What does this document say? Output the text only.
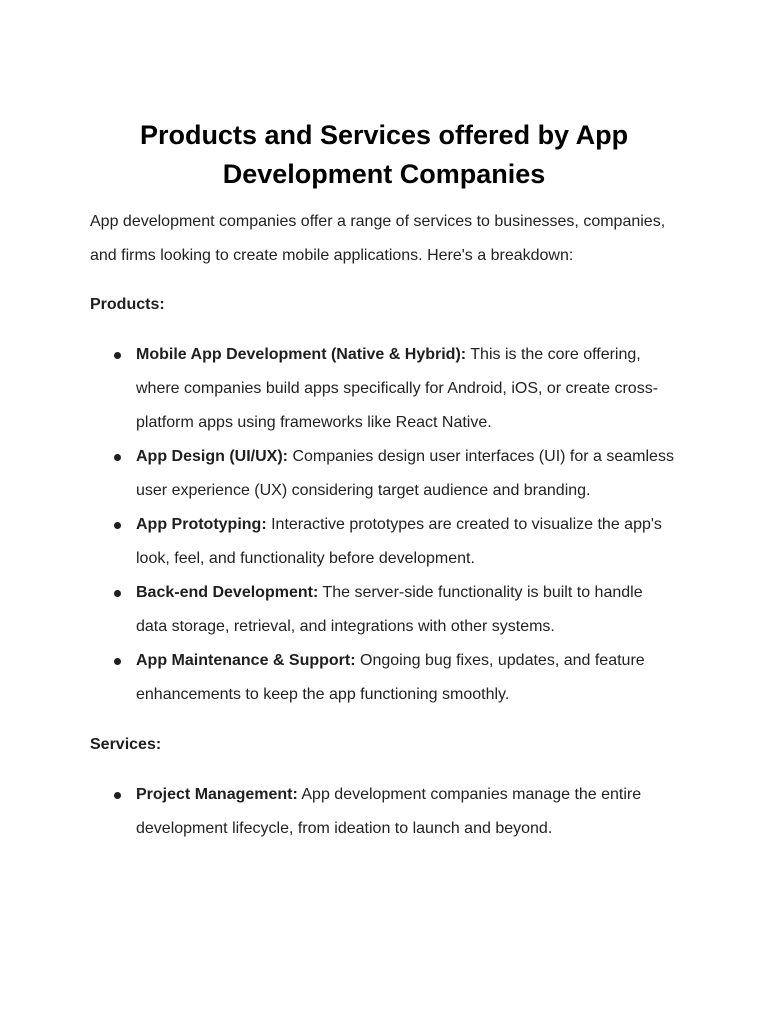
Products and Services offered by App Development Companies

App development companies offer a range of services to businesses, companies, and firms looking to create mobile applications. Here's a breakdown:

Products:
Mobile App Development (Native & Hybrid): This is the core offering, where companies build apps specifically for Android, iOS, or create cross-platform apps using frameworks like React Native.
App Design (UI/UX): Companies design user interfaces (UI) for a seamless user experience (UX) considering target audience and branding.
App Prototyping: Interactive prototypes are created to visualize the app's look, feel, and functionality before development.
Back-end Development: The server-side functionality is built to handle data storage, retrieval, and integrations with other systems.
App Maintenance & Support: Ongoing bug fixes, updates, and feature enhancements to keep the app functioning smoothly.
Services:
Project Management: App development companies manage the entire development lifecycle, from ideation to launch and beyond.
